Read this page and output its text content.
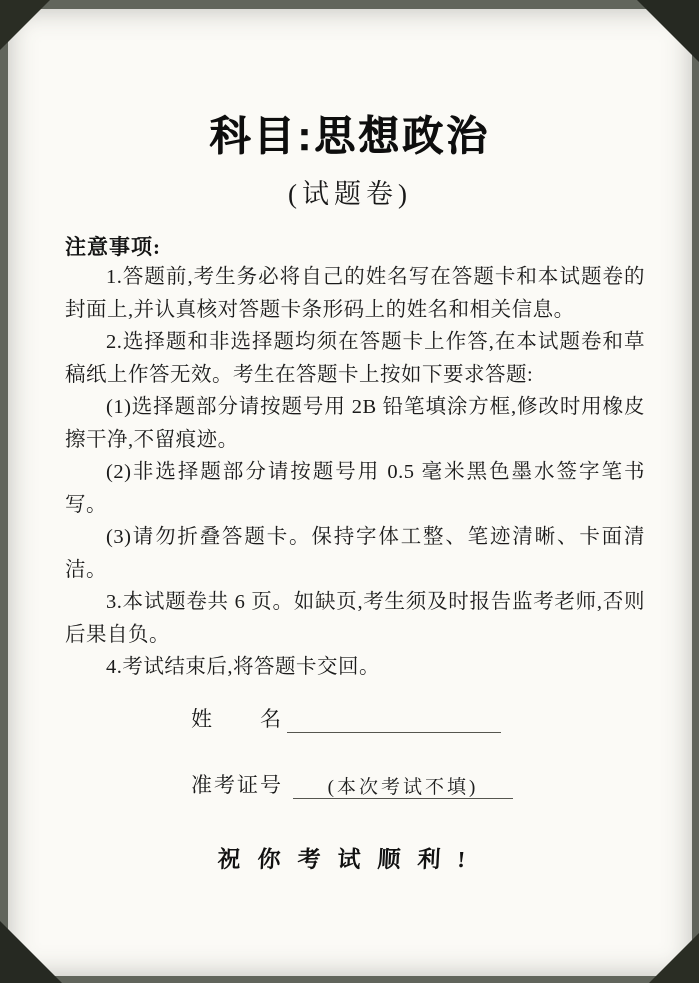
科目:思想政治
(试题卷)
注意事项:

1.答题前,考生务必将自己的姓名写在答题卡和本试题卷的封面上,并认真核对答题卡条形码上的姓名和相关信息。

2.选择题和非选择题均须在答题卡上作答,在本试题卷和草稿纸上作答无效。考生在答题卡上按如下要求答题:

(1)选择题部分请按题号用 2B 铅笔填涂方框,修改时用橡皮擦干净,不留痕迹。

(2)非选择题部分请按题号用 0.5 毫米黑色墨水签字笔书写。

(3)请勿折叠答题卡。保持字体工整、笔迹清晰、卡面清洁。

3.本试题卷共 6 页。如缺页,考生须及时报告监考老师,否则后果自负。

4.考试结束后,将答题卡交回。

姓　　名
准考证号 (本次考试不填)
祝你考试顺利!
